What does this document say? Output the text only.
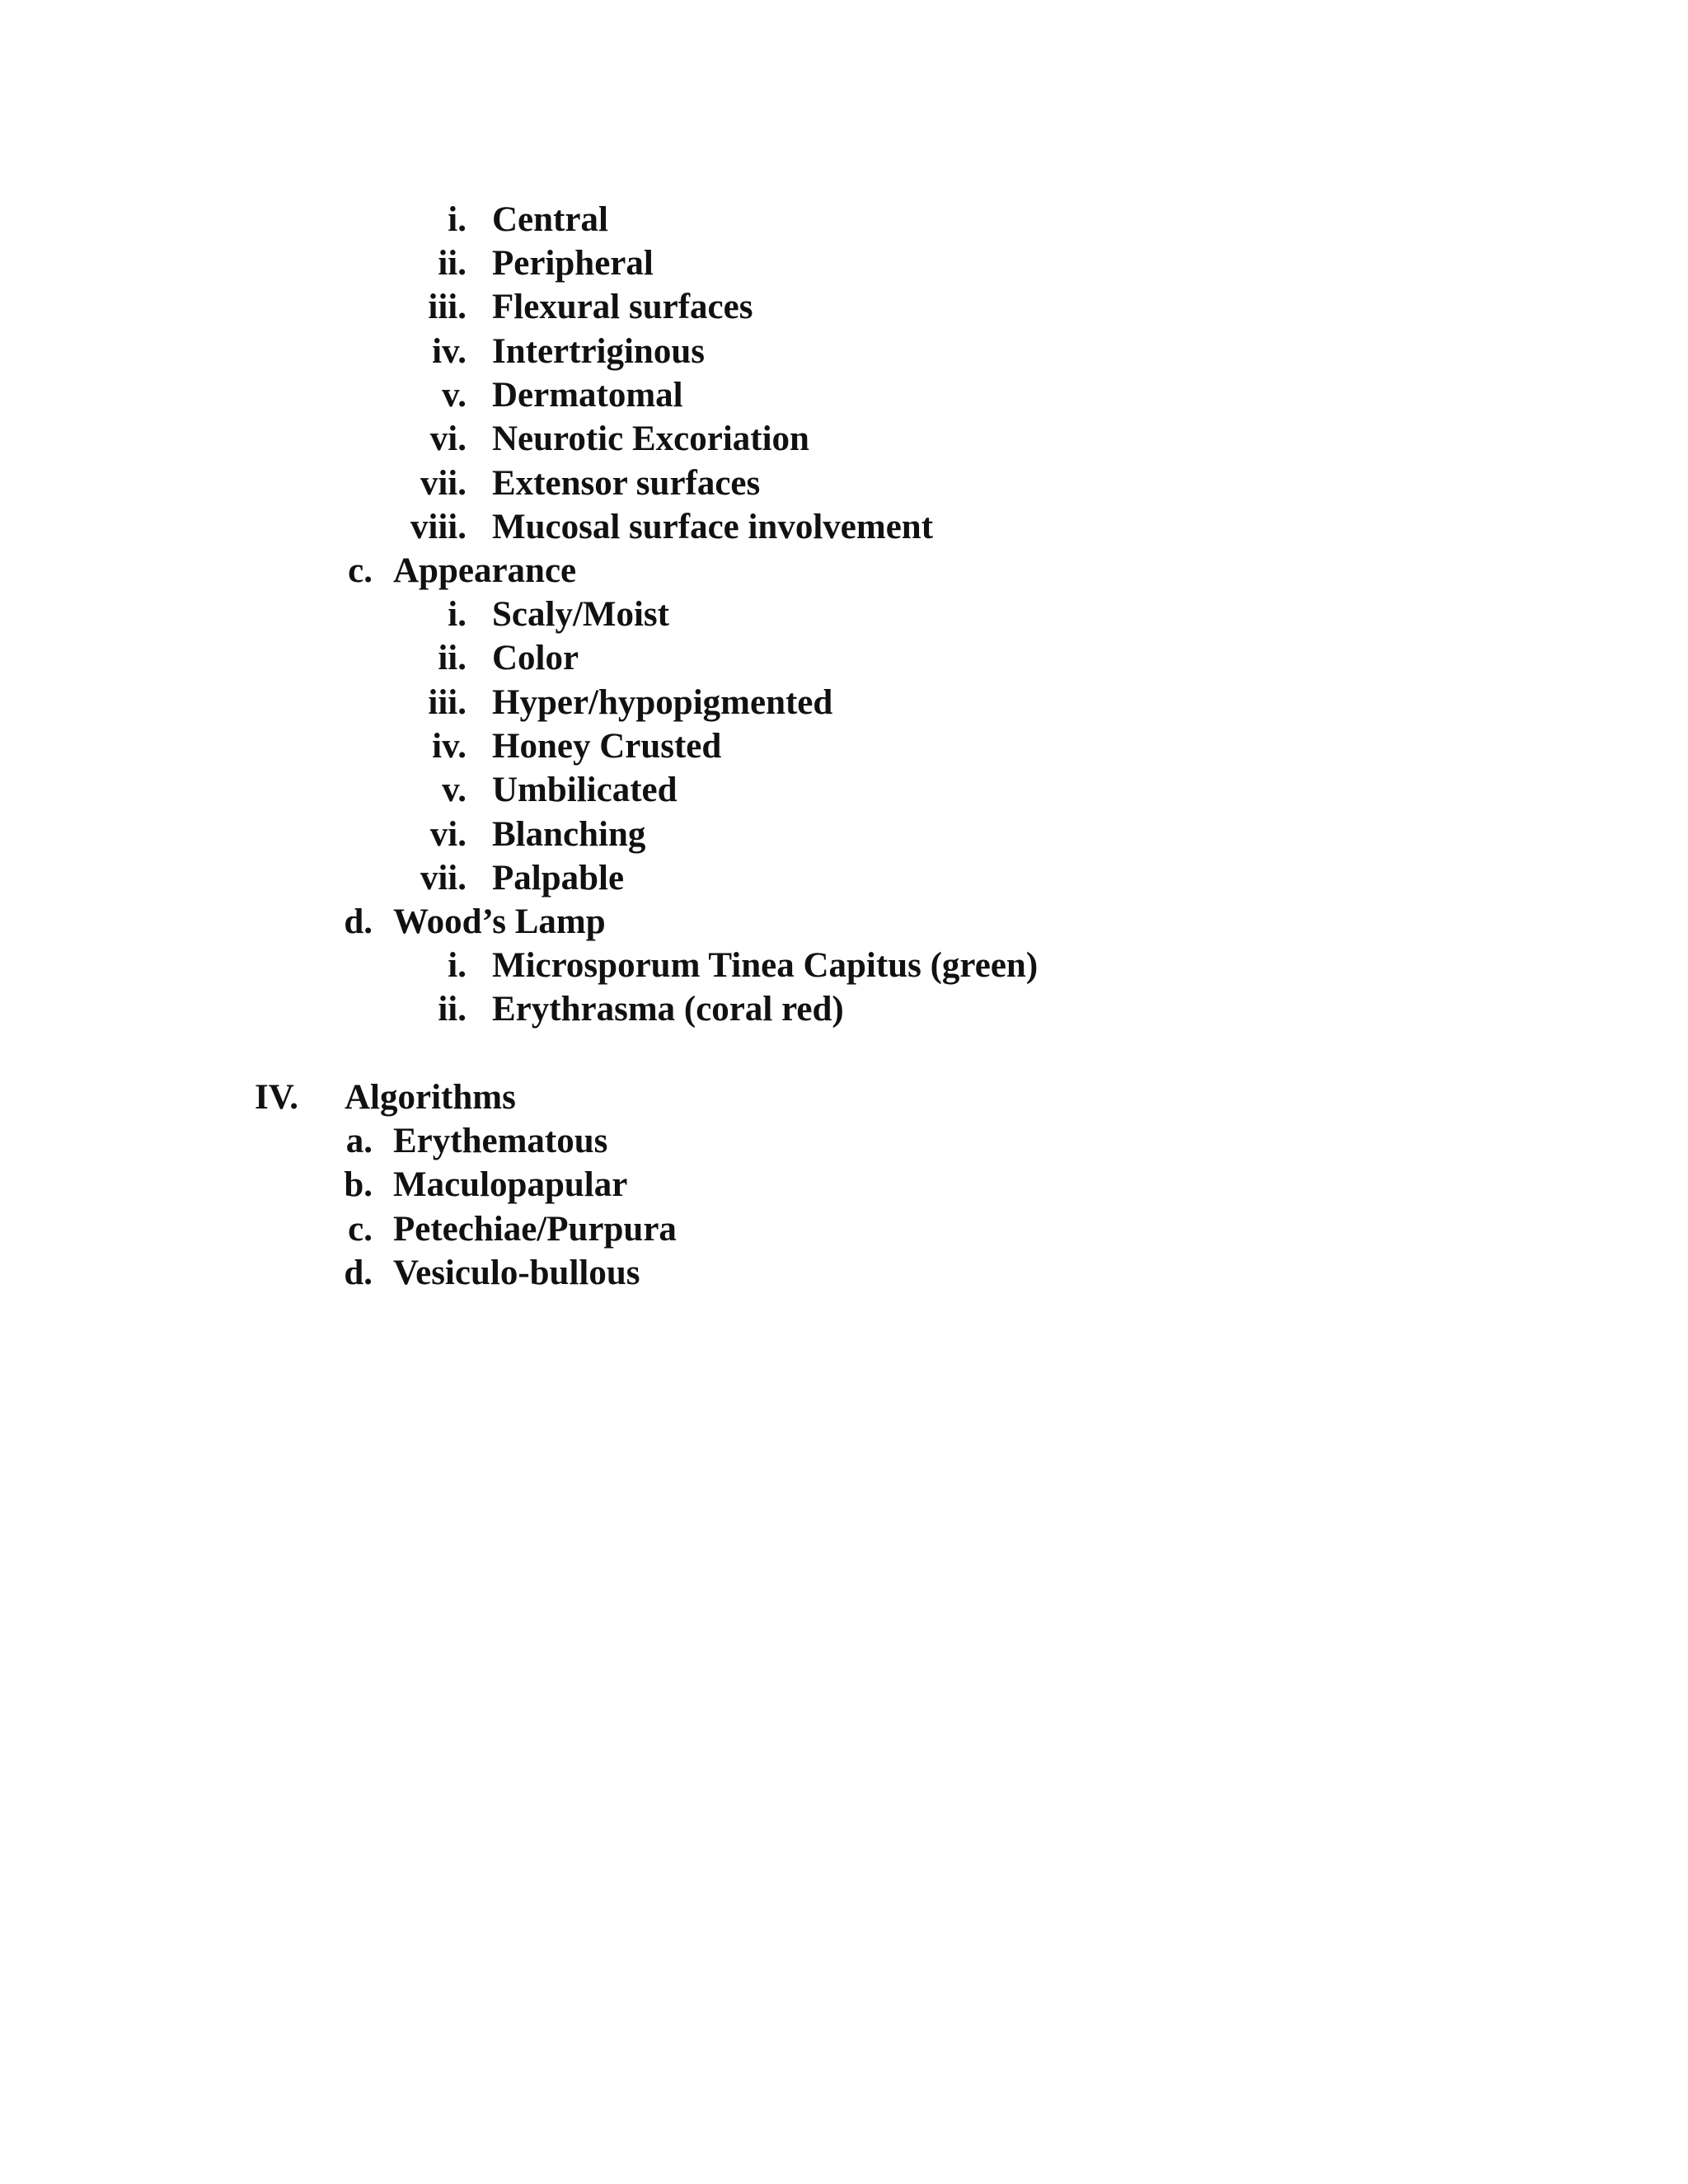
i. Central
ii. Peripheral
iii. Flexural surfaces
iv. Intertriginous
v. Dermatomal
vi. Neurotic Excoriation
vii. Extensor surfaces
viii. Mucosal surface involvement
c. Appearance
i. Scaly/Moist
ii. Color
iii. Hyper/hypopigmented
iv. Honey Crusted
v. Umbilicated
vi. Blanching
vii. Palpable
d. Wood’s Lamp
i. Microsporum Tinea Capitus (green)
ii. Erythrasma (coral red)
IV. Algorithms
a. Erythematous
b. Maculopapular
c. Petechiae/Purpura
d. Vesiculo-bullous
